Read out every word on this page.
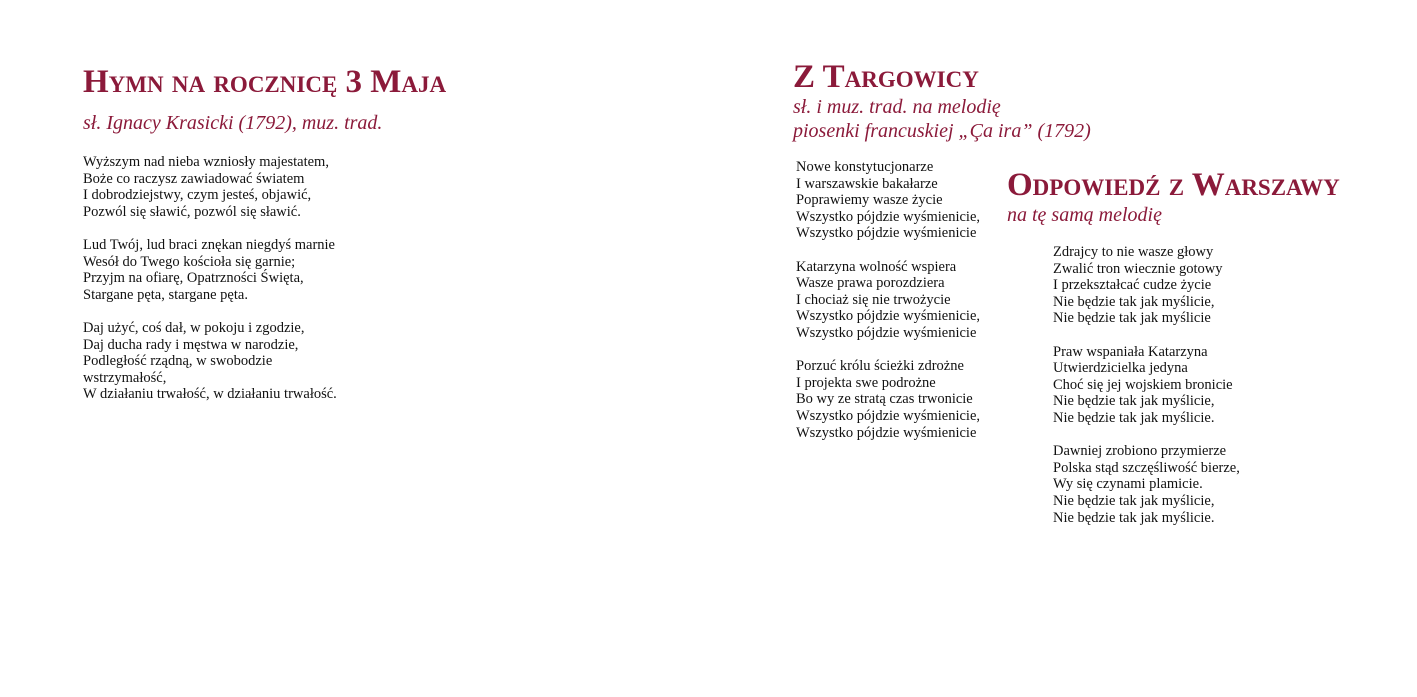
Hymn na rocznicę 3 Maja

sł. Ignacy Krasicki (1792), muz. trad.

Wyższym nad nieba wzniosły majestatem,
Boże co raczysz zawiadować światem
I dobrodziejstwy, czym jesteś, objawić,
Pozwól się sławić, pozwól się sławić.
Lud Twój, lud braci znękan niegdyś marnie
Wesół do Twego kościoła się garnie;
Przyjm na ofiarę, Opatrzności Święta,
Stargane pęta, stargane pęta.
Daj użyć, coś dał, w pokoju i zgodzie,
Daj ducha rady i męstwa w narodzie,
Podległość rządną, w swobodzie
wstrzymałość,
W działaniu trwałość, w działaniu trwałość.
Z Targowicy

sł. i muz. trad. na melodię

piosenki francuskiej „Ça ira” (1792)

Nowe konstytucjonarze
I warszawskie bakałarze
Poprawiemy wasze życie
Wszystko pójdzie wyśmienicie,
Wszystko pójdzie wyśmienicie
Katarzyna wolność wspiera
Wasze prawa porozdziera
I chociaż się nie trwożycie
Wszystko pójdzie wyśmienicie,
Wszystko pójdzie wyśmienicie
Porzuć królu ścieżki zdrożne
I projekta swe podrożne
Bo wy ze stratą czas trwonicie
Wszystko pójdzie wyśmienicie,
Wszystko pójdzie wyśmienicie
Odpowiedź z Warszawy

na tę samą melodię

Zdrajcy to nie wasze głowy
Zwalić tron wiecznie gotowy
I przekształcać cudze życie
Nie będzie tak jak myślicie,
Nie będzie tak jak myślicie
Praw wspaniała Katarzyna
Utwierdzicielka jedyna
Choć się jej wojskiem bronicie
Nie będzie tak jak myślicie,
Nie będzie tak jak myślicie.
Dawniej zrobiono przymierze
Polska stąd szczęśliwość bierze,
Wy się czynami plamicie.
Nie będzie tak jak myślicie,
Nie będzie tak jak myślicie.
